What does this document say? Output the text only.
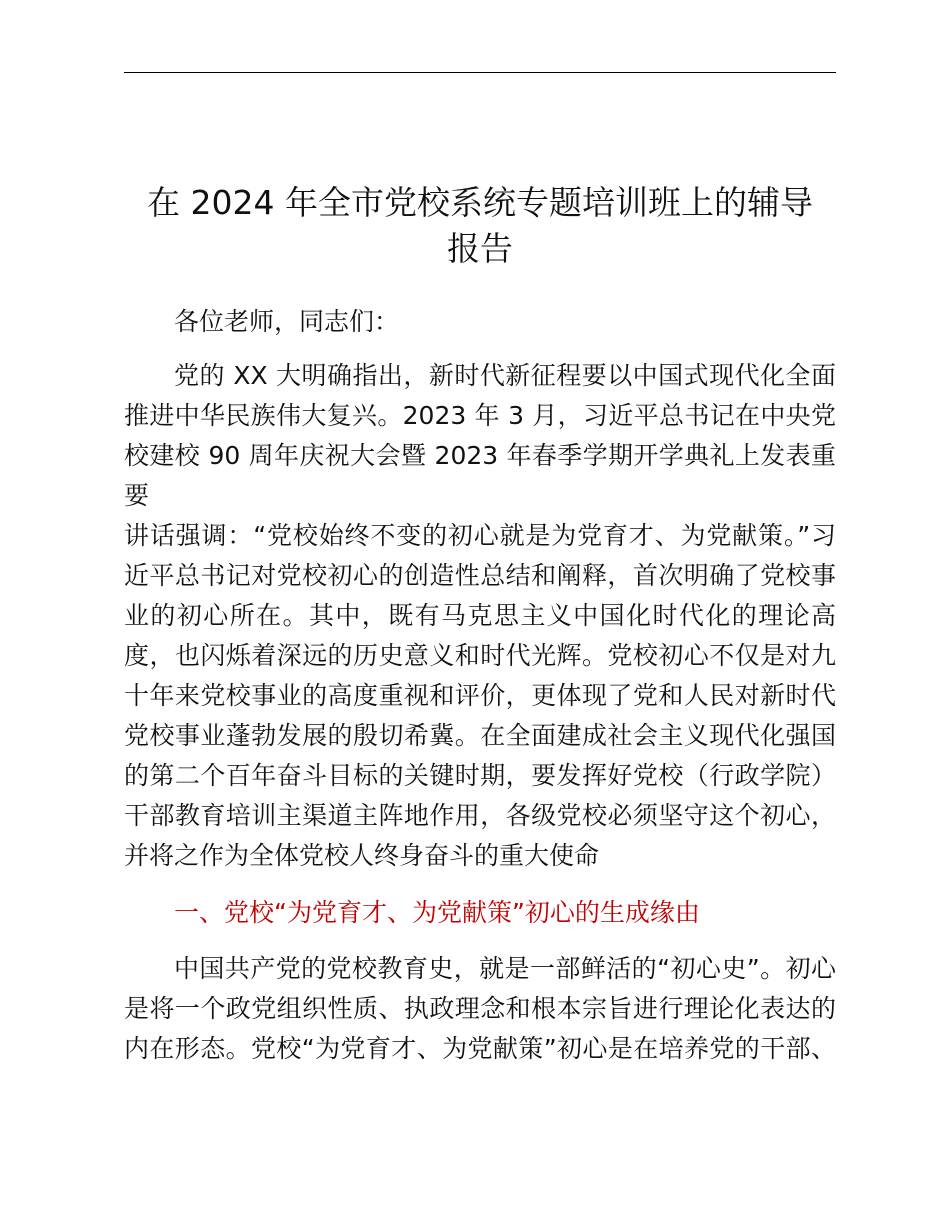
在 2024 年全市党校系统专题培训班上的辅导
报告

各位老师，同志们：

党的 XX 大明确指出，新时代新征程要以中国式现代化全面
推进中华民族伟大复兴。2023 年 3 月，习近平总书记在中央党
校建校 90 周年庆祝大会暨 2023 年春季学期开学典礼上发表重要
讲话强调：“党校始终不变的初心就是为党育才、为党献策。”习
近平总书记对党校初心的创造性总结和阐释，首次明确了党校事
业的初心所在。其中，既有马克思主义中国化时代化的理论高
度，也闪烁着深远的历史意义和时代光辉。党校初心不仅是对九
十年来党校事业的高度重视和评价，更体现了党和人民对新时代
党校事业蓬勃发展的殷切希冀。在全面建成社会主义现代化强国
的第二个百年奋斗目标的关键时期，要发挥好党校（行政学院）
干部教育培训主渠道主阵地作用，各级党校必须坚守这个初心，
并将之作为全体党校人终身奋斗的重大使命

一、党校“为党育才、为党献策”初心的生成缘由

中国共产党的党校教育史，就是一部鲜活的“初心史”。初心
是将一个政党组织性质、执政理念和根本宗旨进行理论化表达的
内在形态。党校“为党育才、为党献策”初心是在培养党的干部、
